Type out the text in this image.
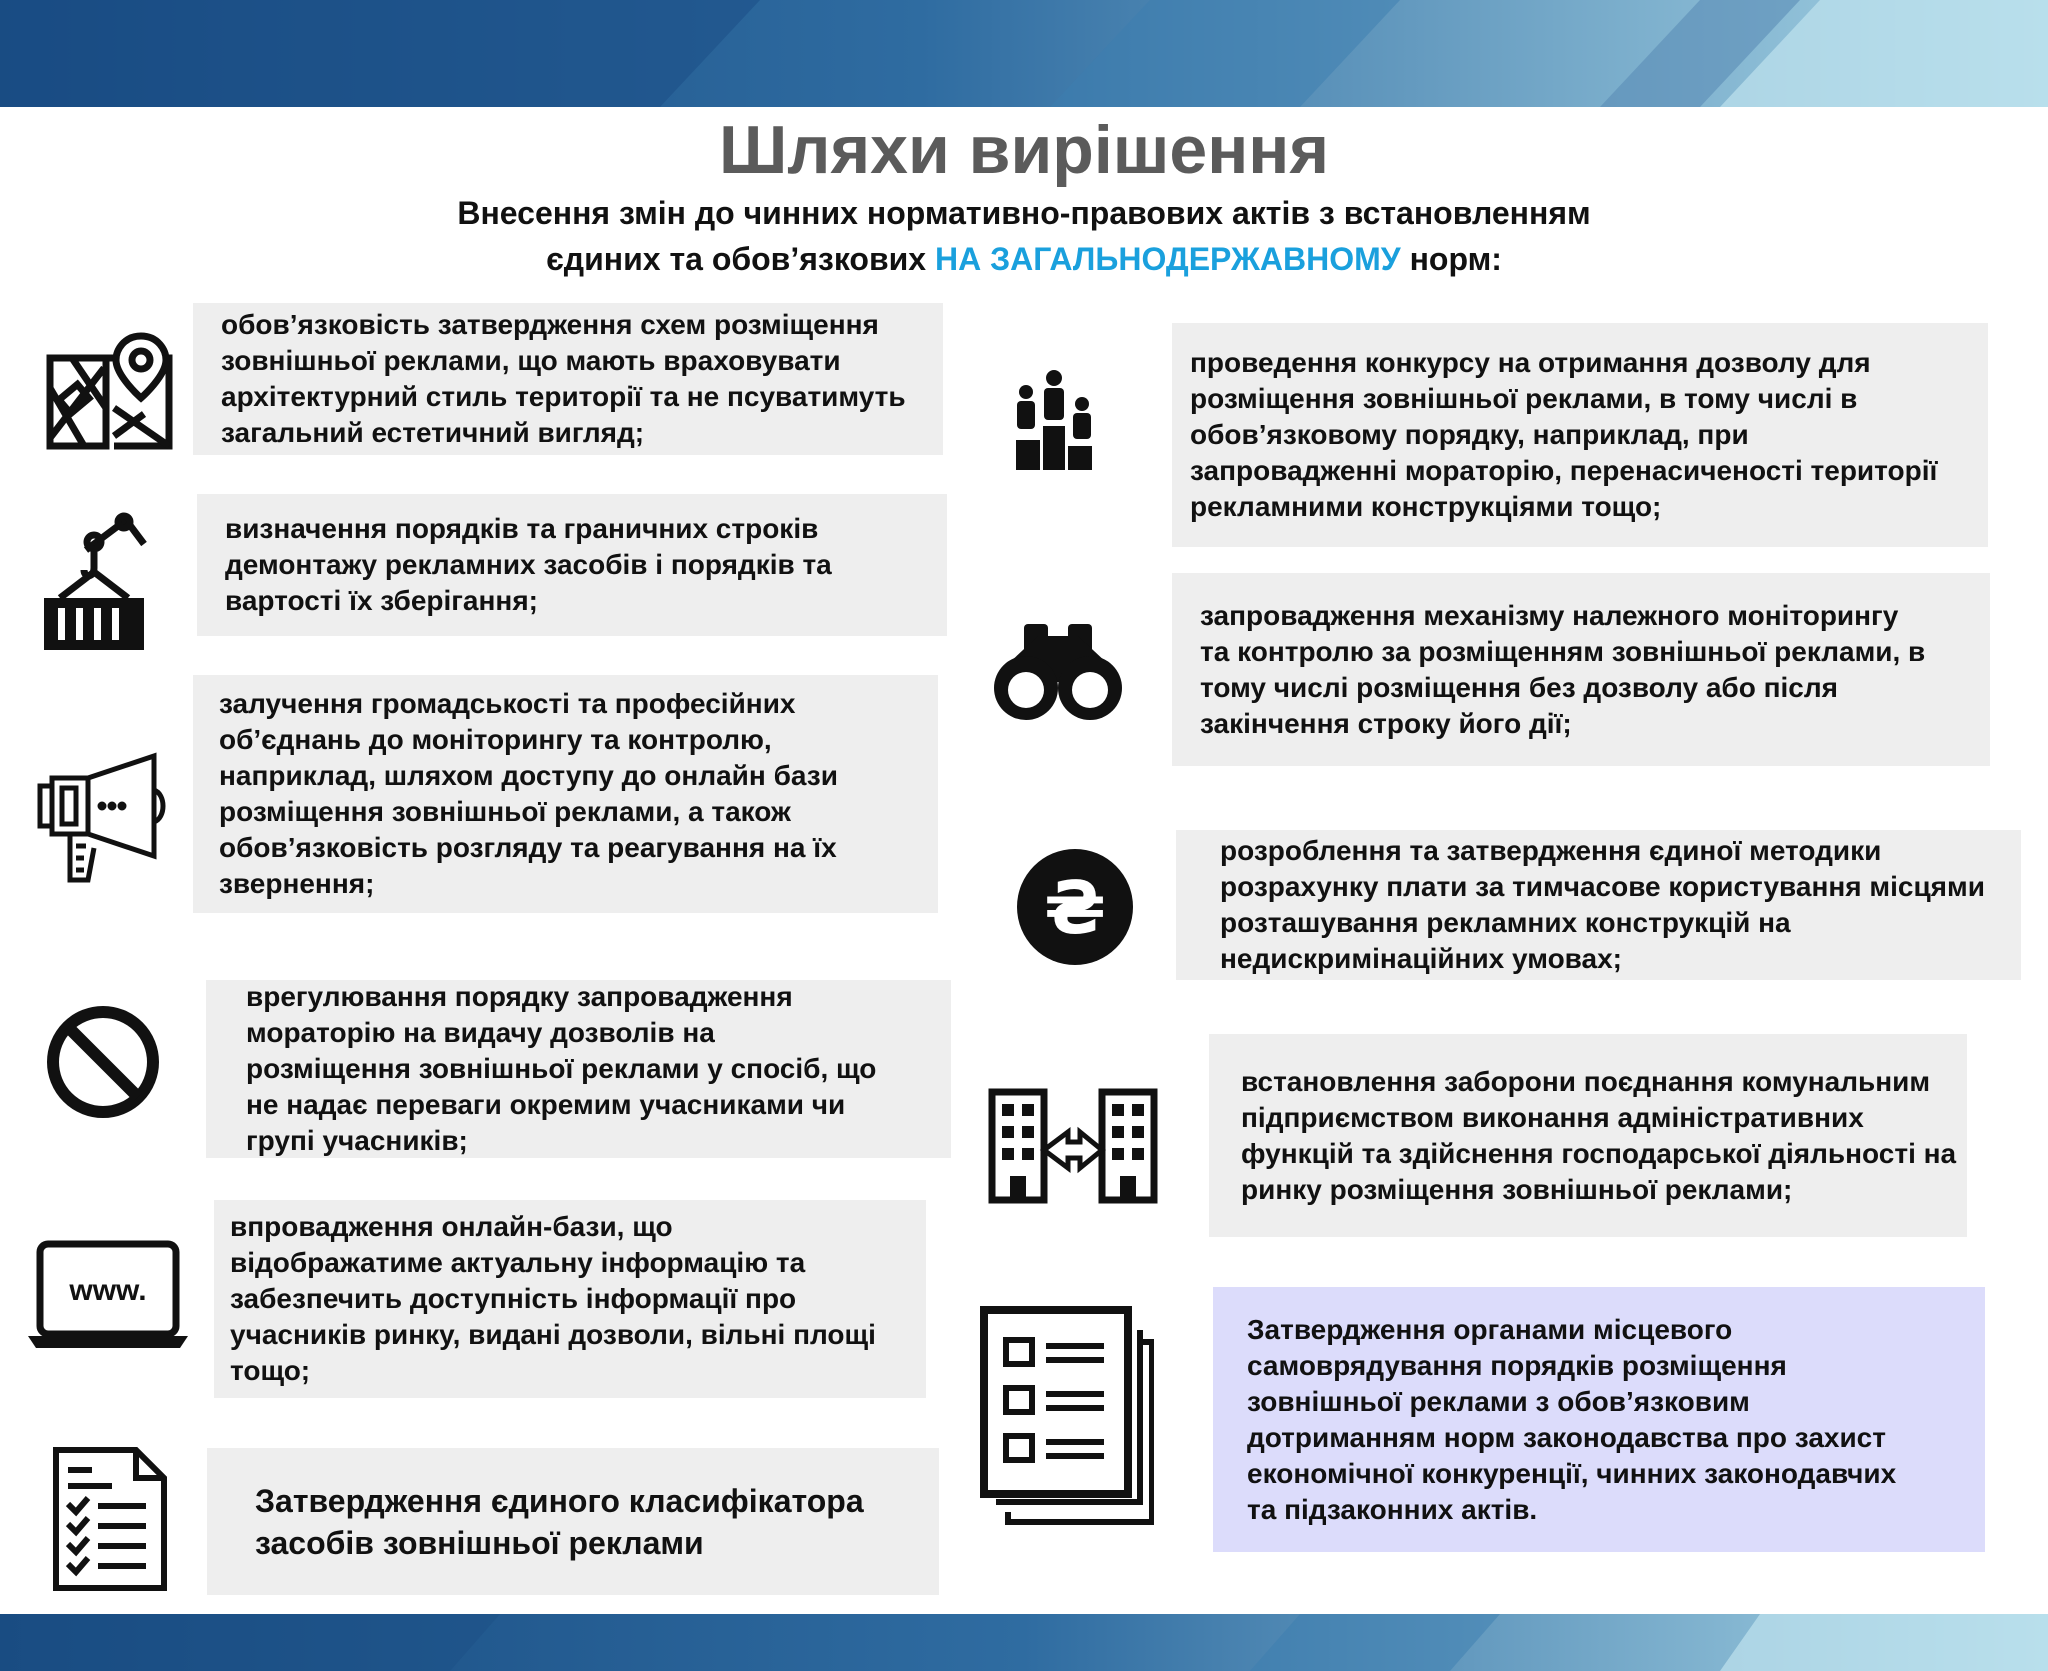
Шляхи вирішення
Внесення змін до чинних нормативно-правових актів з встановленням
єдиних та обов’язкових НА ЗАГАЛЬНОДЕРЖАВНОМУ норм:
обов’язковість затвердження схем розміщення
зовнішньої реклами, що мають враховувати
архітектурний стиль території та не псуватимуть
загальний естетичний вигляд;
визначення порядків та граничних строків
демонтажу рекламних засобів і порядків та
вартості їх зберігання;
залучення громадськості та професійних
об’єднань до моніторингу та контролю,
наприклад, шляхом доступу до онлайн бази
розміщення зовнішньої реклами, а також
обов’язковість розгляду та реагування на їх
звернення;
врегулювання порядку запровадження
мораторію на видачу дозволів на
розміщення зовнішньої реклами у спосіб, що
не надає переваги окремим учасниками чи
групі учасників;
www.
впровадження онлайн-бази, що
відображатиме актуальну інформацію та
забезпечить доступність інформації про
учасників ринку, видані дозволи, вільні площі
тощо;
Затвердження єдиного класифікатора
засобів зовнішньої реклами
проведення конкурсу на отримання дозволу для
розміщення зовнішньої реклами, в тому числі в
обов’язковому порядку, наприклад, при
запровадженні мораторію, перенасиченості території
рекламними конструкціями тощо;
запровадження механізму належного моніторингу
та контролю за розміщенням зовнішньої реклами, в
тому числі розміщення без дозволу або після
закінчення строку його дії;
₴
розроблення та затвердження єдиної методики
розрахунку плати за тимчасове користування місцями
розташування рекламних конструкцій на
недискримінаційних умовах;
встановлення заборони поєднання комунальним
підприємством виконання адміністративних
функцій та здійснення господарської діяльності на
ринку розміщення зовнішньої реклами;
Затвердження органами місцевого
самоврядування порядків розміщення
зовнішньої реклами з обов’язковим
дотриманням норм законодавства про захист
економічної конкуренції, чинних законодавчих
та підзаконних актів.
